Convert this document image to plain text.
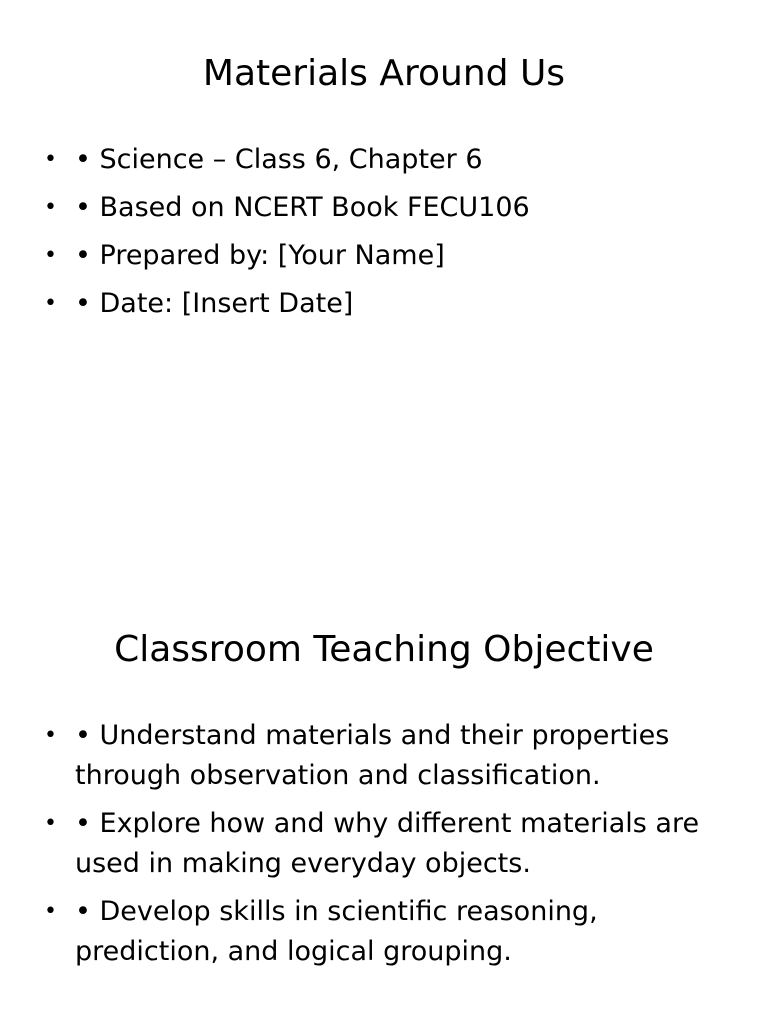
Materials Around Us
• • Science – Class 6, Chapter 6
• • Based on NCERT Book FECU106
• • Prepared by: [Your Name]
• • Date: [Insert Date]
Classroom Teaching Objective
• • Understand materials and their properties through observation and classification.
• • Explore how and why different materials are used in making everyday objects.
• • Develop skills in scientific reasoning, prediction, and logical grouping.
